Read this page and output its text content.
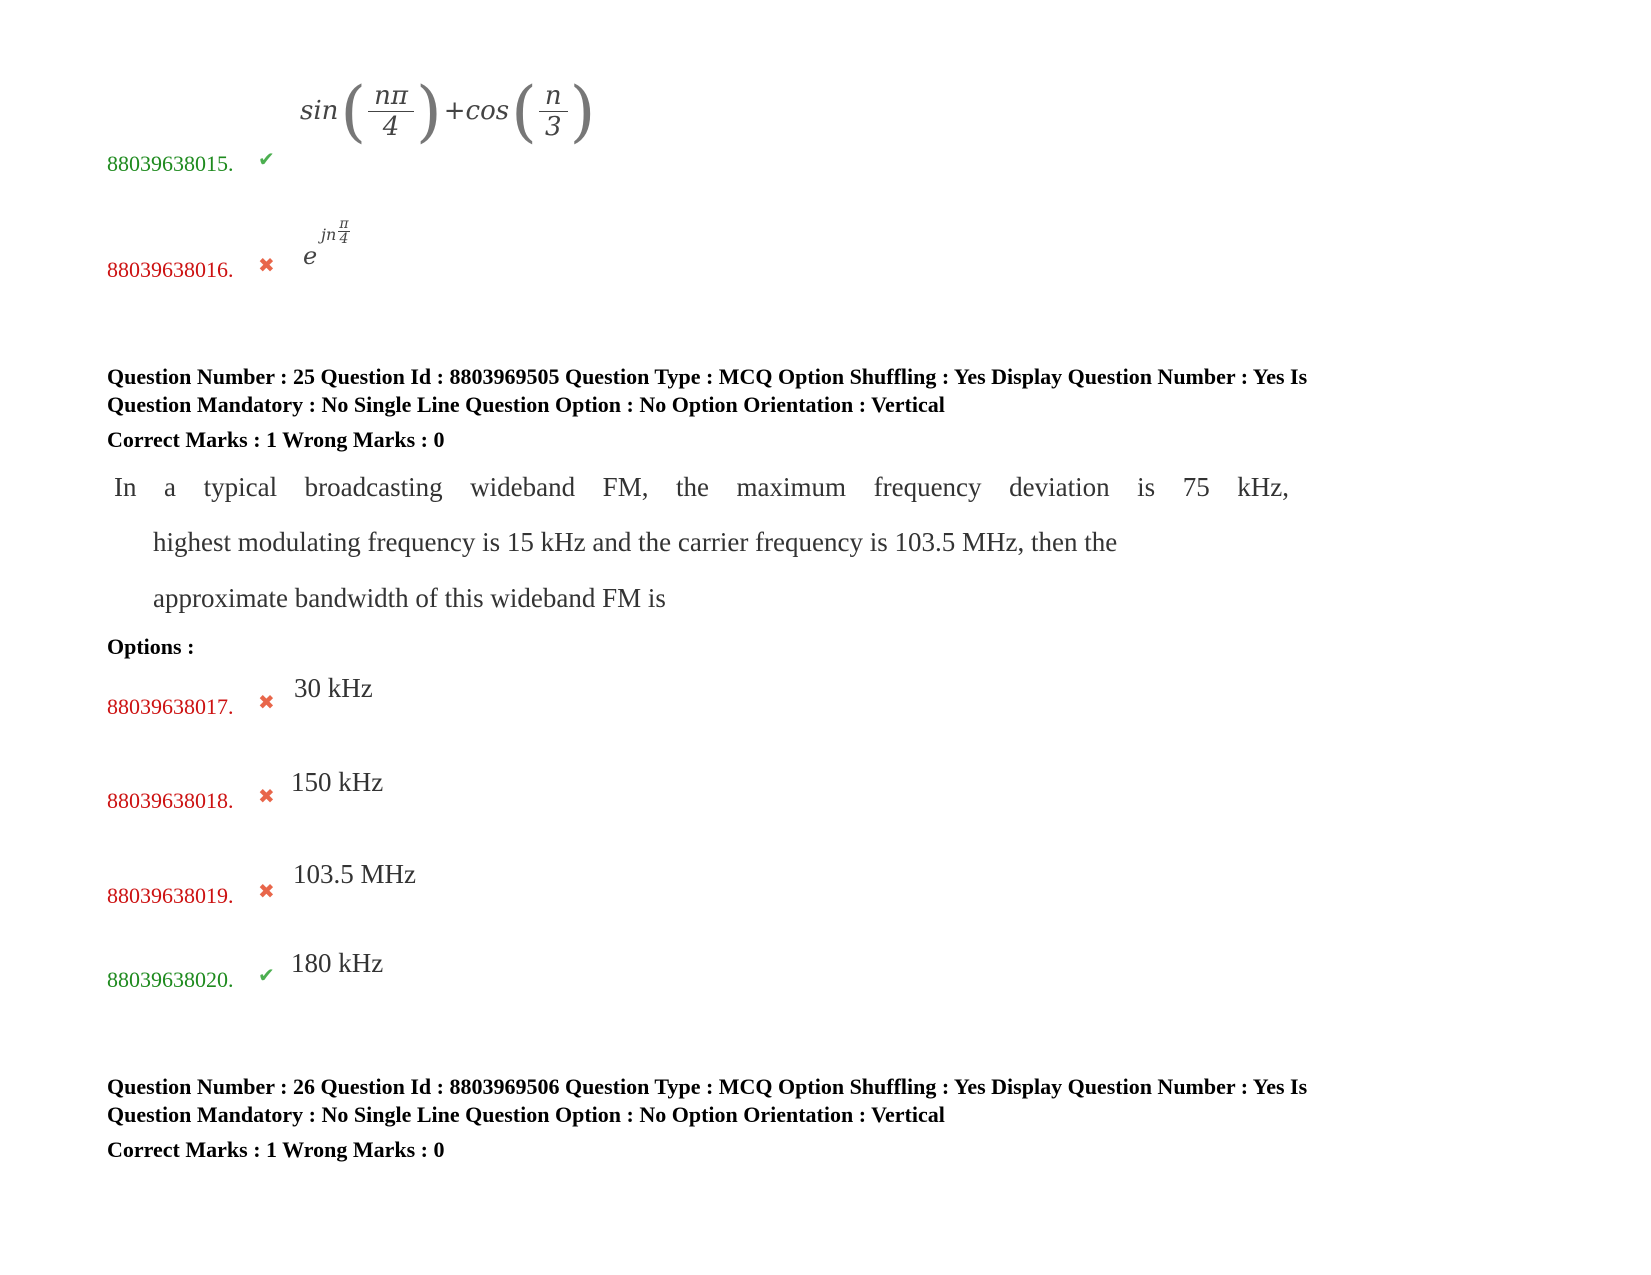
88039638015. ✔
sin ( nπ
4 ) + cos ( n
3 )
88039638016. ✖ e
jn
π
4
Question Number : 25 Question Id : 8803969505 Question Type : MCQ Option Shuffling : Yes Display Question Number : Yes Is
Question Mandatory : No Single Line Question Option : No Option Orientation : Vertical
Correct Marks : 1 Wrong Marks : 0
In a typical broadcasting wideband FM, the maximum frequency deviation is 75 kHz,
highest modulating frequency is 15 kHz and the carrier frequency is 103.5 MHz, then the
approximate bandwidth of this wideband FM is
Options :
88039638017. ✖ 30 kHz
88039638018. ✖ 150 kHz
88039638019. ✖
103.5 MHz
88039638020. ✔ 180 kHz
Question Number : 26 Question Id : 8803969506 Question Type : MCQ Option Shuffling : Yes Display Question Number : Yes Is
Question Mandatory : No Single Line Question Option : No Option Orientation : Vertical
Correct Marks : 1 Wrong Marks : 0
